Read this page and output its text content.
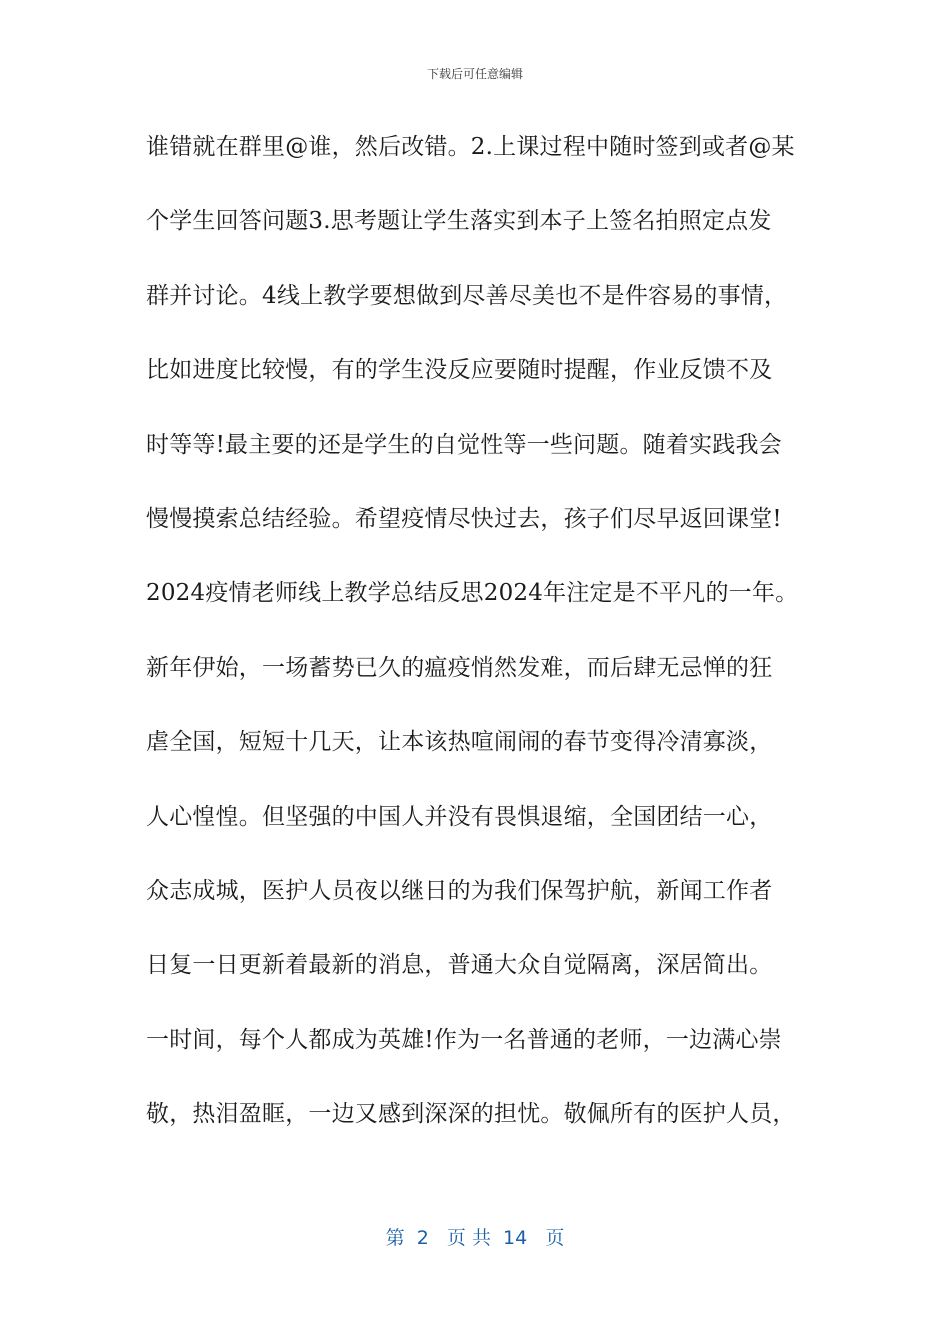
下载后可任意编辑
谁错就在群里@谁，然后改错。2.上课过程中随时签到或者@某
个学生回答问题3.思考题让学生落实到本子上签名拍照定点发
群并讨论。4线上教学要想做到尽善尽美也不是件容易的事情，
比如进度比较慢，有的学生没反应要随时提醒，作业反馈不及
时等等!最主要的还是学生的自觉性等一些问题。随着实践我会
慢慢摸索总结经验。希望疫情尽快过去，孩子们尽早返回课堂!
2024疫情老师线上教学总结反思2024年注定是不平凡的一年。
新年伊始，一场蓄势已久的瘟疫悄然发难，而后肆无忌惮的狂
虐全国，短短十几天，让本该热喧闹闹的春节变得冷清寡淡，
人心惶惶。但坚强的中国人并没有畏惧退缩，全国团结一心，
众志成城，医护人员夜以继日的为我们保驾护航，新闻工作者
日复一日更新着最新的消息，普通大众自觉隔离，深居简出。
一时间，每个人都成为英雄!作为一名普通的老师，一边满心崇
敬，热泪盈眶，一边又感到深深的担忧。敬佩所有的医护人员，
第  2   页 共  14   页
